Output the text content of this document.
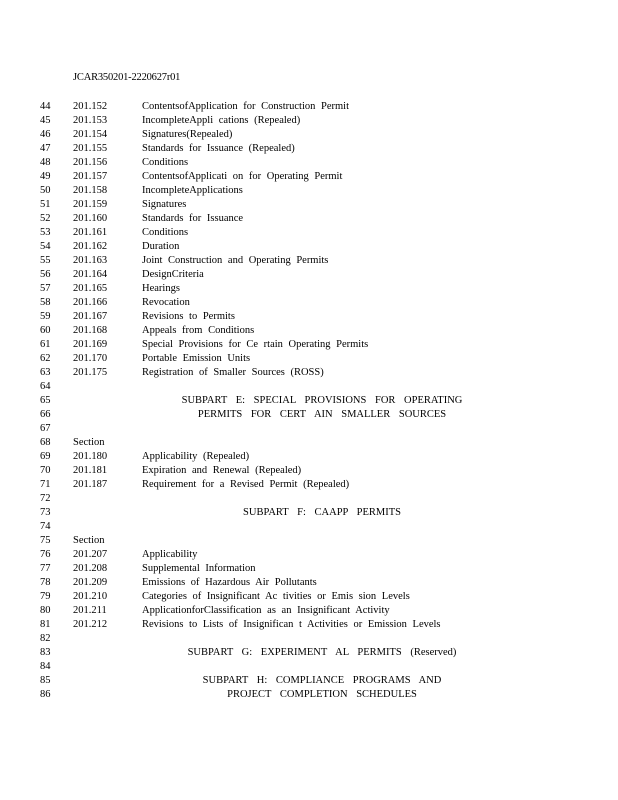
JCAR350201-2220627r01
44	201.152	ContentsofApplication for Construction Permit
45	201.153	IncompleteAppli cations (Repealed)
46	201.154	Signatures(Repealed)
47	201.155	Standards for Issuance (Repealed)
48	201.156	Conditions
49	201.157	ContentsofApplicati on for Operating Permit
50	201.158	IncompleteApplications
51	201.159	Signatures
52	201.160	Standards for Issuance
53	201.161	Conditions
54	201.162	Duration
55	201.163	Joint Construction and Operating Permits
56	201.164	DesignCriteria
57	201.165	Hearings
58	201.166	Revocation
59	201.167	Revisions to Permits
60	201.168	Appeals from Conditions
61	201.169	Special Provisions for Ce rtain Operating Permits
62	201.170	Portable Emission Units
63	201.175	Registration of Smaller Sources (ROSS)
64
65	SUBPART E: SPECIAL PROVISIONS FOR OPERATING
66	PERMITS FOR CERT AIN SMALLER SOURCES
67
68	Section
69	201.180	Applicability (Repealed)
70	201.181	Expiration and Renewal (Repealed)
71	201.187	Requirement for a Revised Permit (Repealed)
72
73	SUBPART F: CAAPP PERMITS
74
75	Section
76	201.207	Applicability
77	201.208	Supplemental Information
78	201.209	Emissions of Hazardous Air Pollutants
79	201.210	Categories of Insignificant Ac tivities or Emis sion Levels
80	201.211	ApplicationforClassification as an Insignificant Activity
81	201.212	Revisions to Lists of Insignifican t Activities or Emission Levels
82
83	SUBPART G: EXPERIMENT AL PERMITS (Reserved)
84
85	SUBPART H: COMPLIANCE PROGRAMS AND
86	PROJECT COMPLETION SCHEDULES
